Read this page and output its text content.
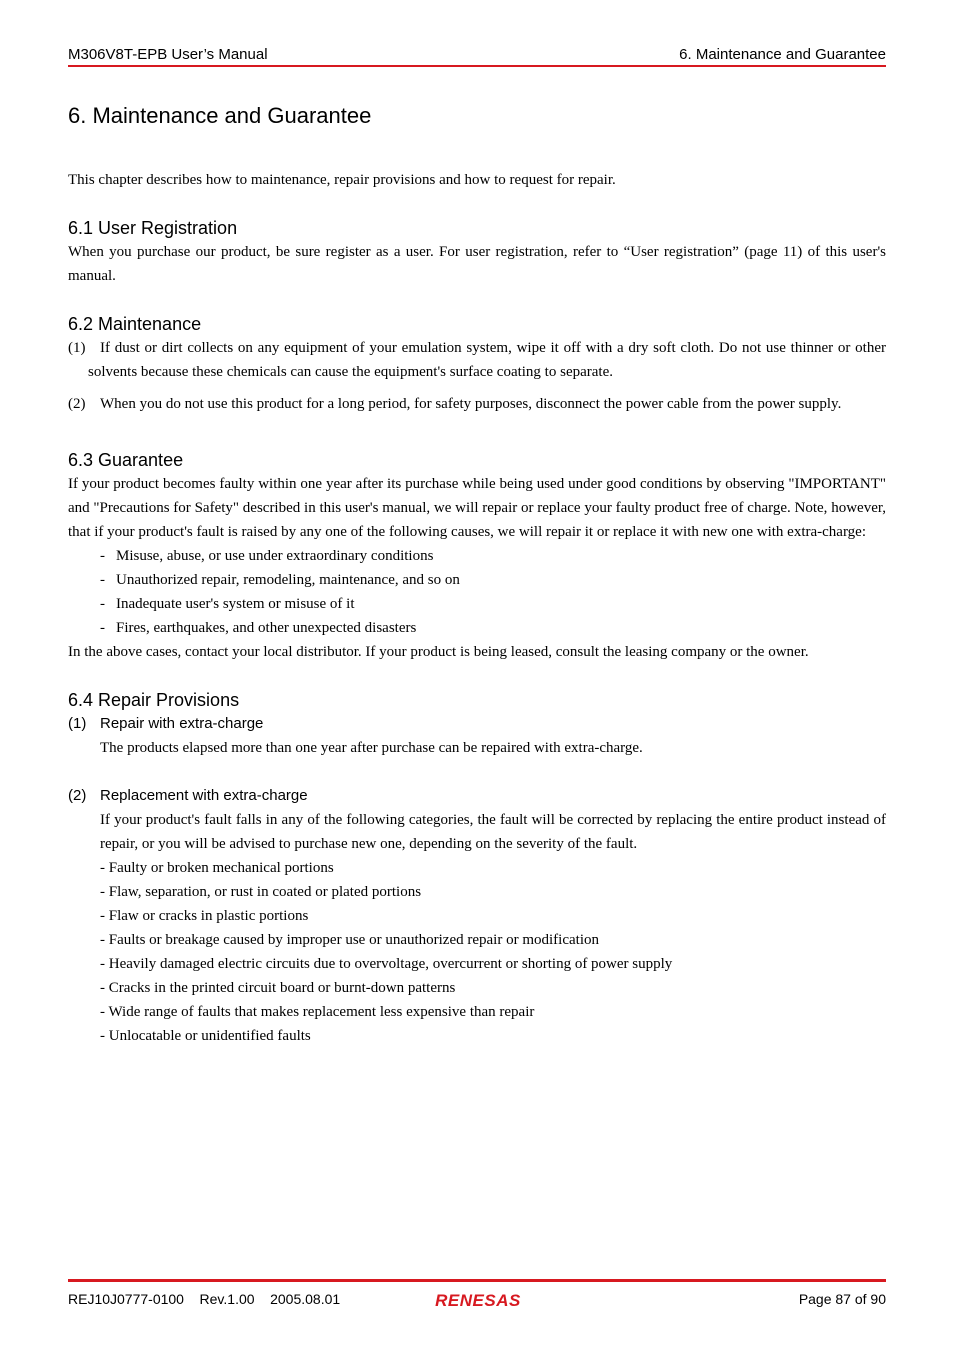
M306V8T-EPB User’s Manual	6. Maintenance and Guarantee
6. Maintenance and Guarantee

This chapter describes how to maintenance, repair provisions and how to request for repair.

6.1 User Registration

When you purchase our product, be sure register as a user. For user registration, refer to “User registration” (page 11) of this user's manual.

6.2 Maintenance
(1) If dust or dirt collects on any equipment of your emulation system, wipe it off with a dry soft cloth. Do not use thinner or other solvents because these chemicals can cause the equipment's surface coating to separate.

(2) When you do not use this product for a long period, for safety purposes, disconnect the power cable from the power supply.

6.3 Guarantee

If your product becomes faulty within one year after its purchase while being used under good conditions by observing "IMPORTANT" and "Precautions for Safety" described in this user's manual, we will repair or replace your faulty product free of charge. Note, however, that if your product's fault is raised by any one of the following causes, we will repair it or replace it with new one with extra-charge:

- Misuse, abuse, or use under extraordinary conditions
- Unauthorized repair, remodeling, maintenance, and so on
- Inadequate user's system or misuse of it
- Fires, earthquakes, and other unexpected disasters

In the above cases, contact your local distributor. If your product is being leased, consult the leasing company or the owner.

6.4 Repair Provisions
(1) Repair with extra-charge

The products elapsed more than one year after purchase can be repaired with extra-charge.

(2) Replacement with extra-charge

If your product's fault falls in any of the following categories, the fault will be corrected by replacing the entire product instead of repair, or you will be advised to purchase new one, depending on the severity of the fault.

- Faulty or broken mechanical portions

- Flaw, separation, or rust in coated or plated portions

- Flaw or cracks in plastic portions

- Faults or breakage caused by improper use or unauthorized repair or modification

- Heavily damaged electric circuits due to overvoltage, overcurrent or shorting of power supply

- Cracks in the printed circuit board or burnt-down patterns

- Wide range of faults that makes replacement less expensive than repair

- Unlocatable or unidentified faults

REJ10J0777-0100    Rev.1.00    2005.08.01	RENESAS	Page 87 of 90
